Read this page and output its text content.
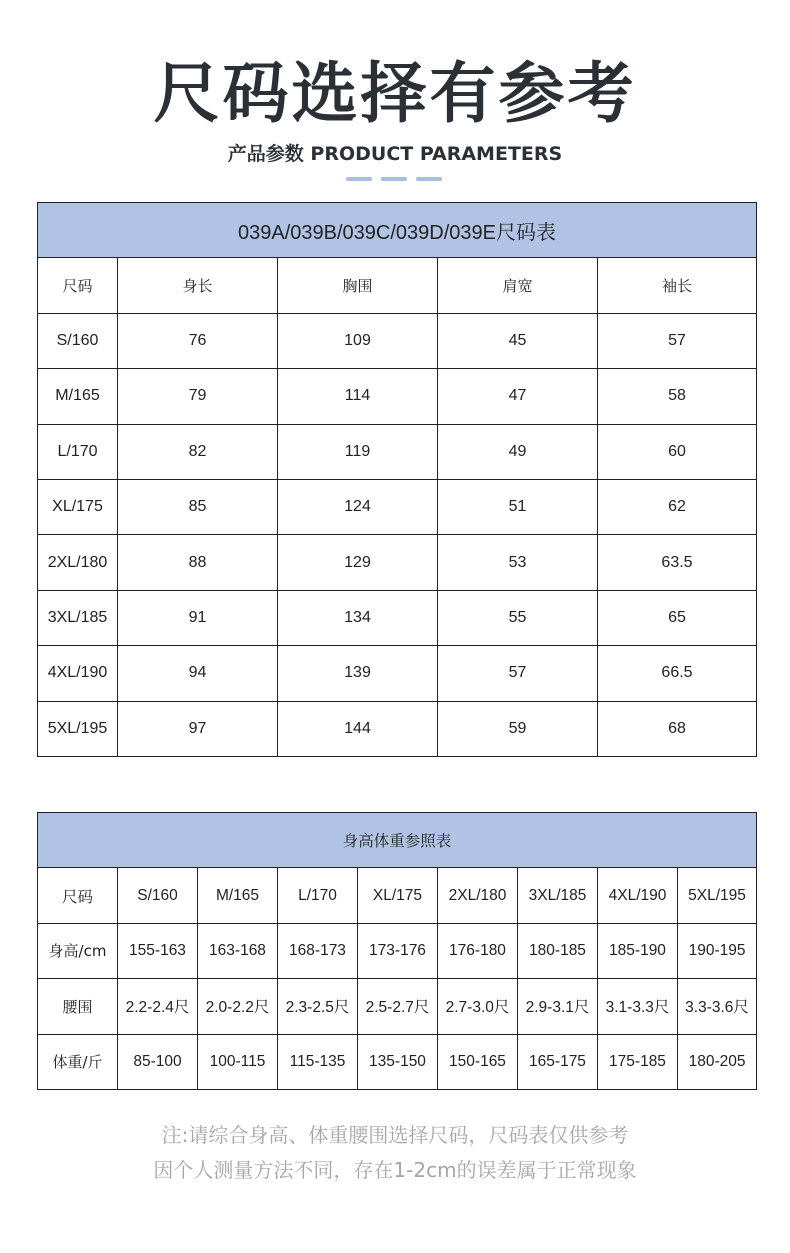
尺码选择有参考
产品参数 PRODUCT PARAMETERS
039A/039B/039C/039D/039E尺码表				
尺码	身长	胸围	肩宽	袖长
S/160	76	109	45	57
M/165	79	114	47	58
L/170	82	119	49	60
XL/175	85	124	51	62
2XL/180	88	129	53	63.5
3XL/185	91	134	55	65
4XL/190	94	139	57	66.5
5XL/195	97	144	59	68
身高体重参照表								
尺码	S/160	M/165	L/170	XL/175	2XL/180	3XL/185	4XL/190	5XL/195
身高/cm	155-163	163-168	168-173	173-176	176-180	180-185	185-190	190-195
腰围	2.2-2.4尺	2.0-2.2尺	2.3-2.5尺	2.5-2.7尺	2.7-3.0尺	2.9-3.1尺	3.1-3.3尺	3.3-3.6尺
体重/斤	85-100	100-115	115-135	135-150	150-165	165-175	175-185	180-205
注:请综合身高、体重腰围选择尺码，尺码表仅供参考
因个人测量方法不同，存在1-2cm的误差属于正常现象
